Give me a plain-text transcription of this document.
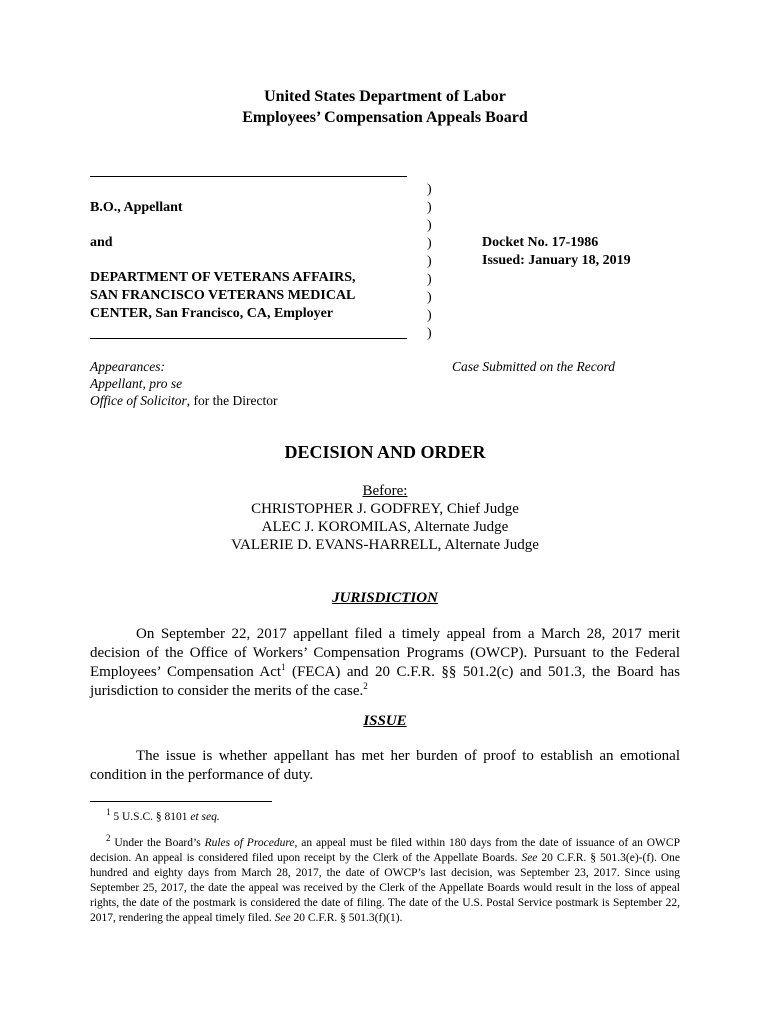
United States Department of Labor
Employees’ Compensation Appeals Board
B.O., Appellant
and
DEPARTMENT OF VETERANS AFFAIRS,
SAN FRANCISCO VETERANS MEDICAL
CENTER, San Francisco, CA, Employer
)
)
)
)
)
)
)
)
)
Docket No. 17-1986
Issued: January 18, 2019
Appearances:
Appellant, pro se
Office of Solicitor, for the Director
Case Submitted on the Record
DECISION AND ORDER
Before:
CHRISTOPHER J. GODFREY, Chief Judge
ALEC J. KOROMILAS, Alternate Judge
VALERIE D. EVANS-HARRELL, Alternate Judge
JURISDICTION
On September 22, 2017 appellant filed a timely appeal from a March 28, 2017 merit decision of the Office of Workers’ Compensation Programs (OWCP). Pursuant to the Federal Employees’ Compensation Act$^1$ (FECA) and 20 C.F.R. §§ 501.2(c) and 501.3, the Board has jurisdiction to consider the merits of the case.$^2$
ISSUE
The issue is whether appellant has met her burden of proof to establish an emotional condition in the performance of duty.
$^1$ 5 U.S.C. § 8101 et seq.
$^2$ Under the Board’s Rules of Procedure, an appeal must be filed within 180 days from the date of issuance of an OWCP decision. An appeal is considered filed upon receipt by the Clerk of the Appellate Boards. See 20 C.F.R. § 501.3(e)-(f). One hundred and eighty days from March 28, 2017, the date of OWCP’s last decision, was September 23, 2017. Since using September 25, 2017, the date the appeal was received by the Clerk of the Appellate Boards would result in the loss of appeal rights, the date of the postmark is considered the date of filing. The date of the U.S. Postal Service postmark is September 22, 2017, rendering the appeal timely filed. See 20 C.F.R. § 501.3(f)(1).
